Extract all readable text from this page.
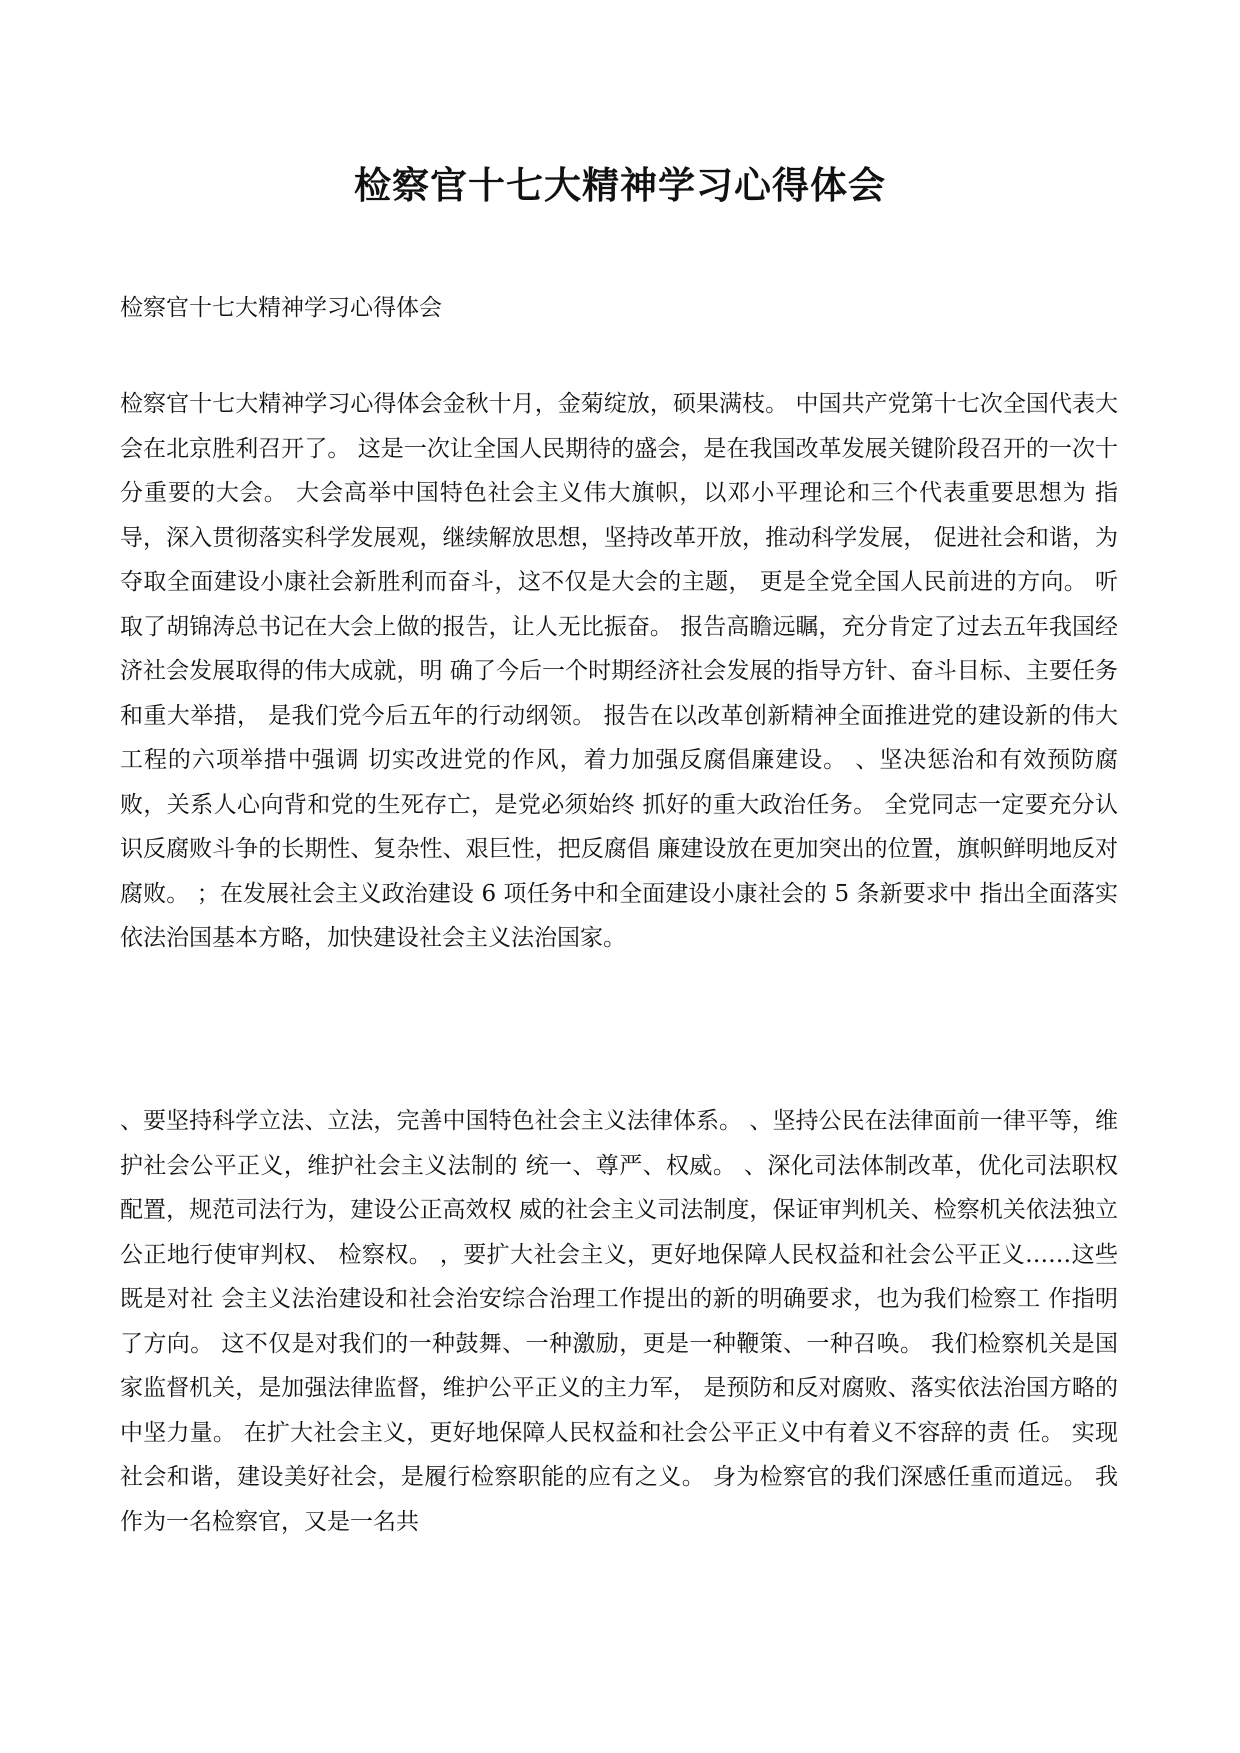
检察官十七大精神学习心得体会

检察官十七大精神学习心得体会

检察官十七大精神学习心得体会金秋十月，金菊绽放，硕果满枝。 中国共产党第十七次全国代表大会在北京胜利召开了。 这是一次让全国人民期待的盛会，是在我国改革发展关键阶段召开的一次十 分重要的大会。 大会高举中国特色社会主义伟大旗帜，以邓小平理论和三个代表重要思想为 指导，深入贯彻落实科学发展观，继续解放思想，坚持改革开放，推动科学发展， 促进社会和谐，为夺取全面建设小康社会新胜利而奋斗，这不仅是大会的主题， 更是全党全国人民前进的方向。 听取了胡锦涛总书记在大会上做的报告，让人无比振奋。 报告高瞻远瞩，充分肯定了过去五年我国经济社会发展取得的伟大成就，明 确了今后一个时期经济社会发展的指导方针、奋斗目标、主要任务和重大举措， 是我们党今后五年的行动纲领。 报告在以改革创新精神全面推进党的建设新的伟大工程的六项举措中强调 切实改进党的作风，着力加强反腐倡廉建设。 、坚决惩治和有效预防腐败，关系人心向背和党的生死存亡，是党必须始终 抓好的重大政治任务。 全党同志一定要充分认识反腐败斗争的长期性、复杂性、艰巨性，把反腐倡 廉建设放在更加突出的位置，旗帜鲜明地反对腐败。 ；在发展社会主义政治建设 6 项任务中和全面建设小康社会的 5 条新要求中 指出全面落实依法治国基本方略，加快建设社会主义法治国家。

、要坚持科学立法、立法，完善中国特色社会主义法律体系。 、坚持公民在法律面前一律平等，维护社会公平正义，维护社会主义法制的 统一、尊严、权威。 、深化司法体制改革，优化司法职权配置，规范司法行为，建设公正高效权 威的社会主义司法制度，保证审判机关、检察机关依法独立公正地行使审判权、 检察权。 ，要扩大社会主义，更好地保障人民权益和社会公平正义……这些既是对社 会主义法治建设和社会治安综合治理工作提出的新的明确要求，也为我们检察工 作指明了方向。 这不仅是对我们的一种鼓舞、一种激励，更是一种鞭策、一种召唤。 我们检察机关是国家监督机关，是加强法律监督，维护公平正义的主力军， 是预防和反对腐败、落实依法治国方略的中坚力量。 在扩大社会主义，更好地保障人民权益和社会公平正义中有着义不容辞的责 任。 实现社会和谐，建设美好社会，是履行检察职能的应有之义。 身为检察官的我们深感任重而道远。 我作为一名检察官，又是一名共
